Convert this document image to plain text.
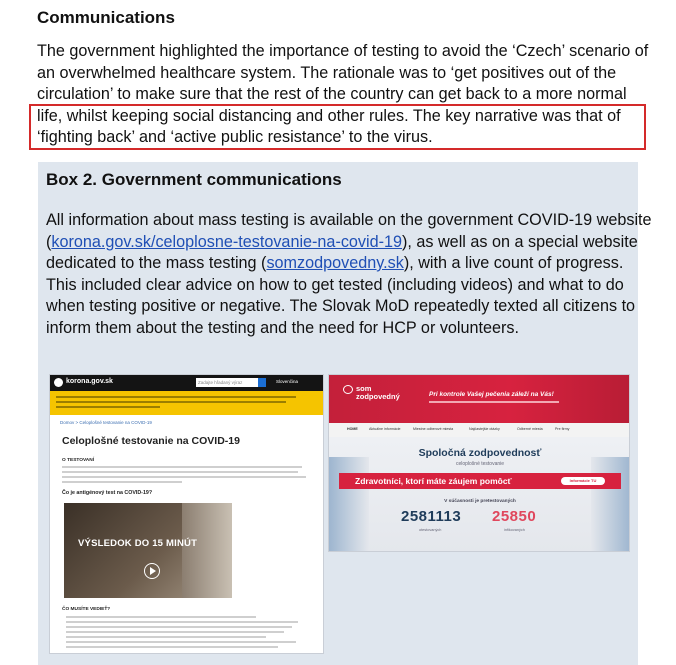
Communications
The government highlighted the importance of testing to avoid the ‘Czech’ scenario of
an overwhelmed healthcare system. The rationale was to ‘get positives out of the
circulation’ to make sure that the rest of the country can get back to a more normal
life, whilst keeping social distancing and other rules. The key narrative was that of
‘fighting back’ and ‘active public resistance’ to the virus.
Box 2. Government communications
All information about mass testing is available on the government COVID-19 website
(korona.gov.sk/celoplosne-testovanie-na-covid-19), as well as on a special website
dedicated to the mass testing (somzodpovedny.sk), with a live count of progress.
This included clear advice on how to get tested (including videos) and what to do
when testing positive or negative. The Slovak MoD repeatedly texted all citizens to
inform them about the testing and the need for HCP or volunteers.
korona.gov.sk	Zadajte hľadaný výraz	Slovenčina
Domov > Celoplošné testovanie na COVID-19
Celoplošné testovanie na COVID-19
O TESTOVANÍ
Čo je antigénový test na COVID-19?
VÝSLEDOK DO 15 MINÚT
ČO MUSÍTE VEDIEŤ?
som
zodpovedný	Pri kontrole Vašej pečenia záleží na Vás!
HOME	Aktuálne informácie	Miestne odberové miesta	Najčastejšie otázky	Odberné miesta	Pre firmy
Spoločná zodpovednosť
celoplošné testovanie
Zdravotníci, ktorí máte záujem pomôcť	Informácie TU
V súčasnosti je pretestovaných
2581113 25850
otestovaných	infikovaných
